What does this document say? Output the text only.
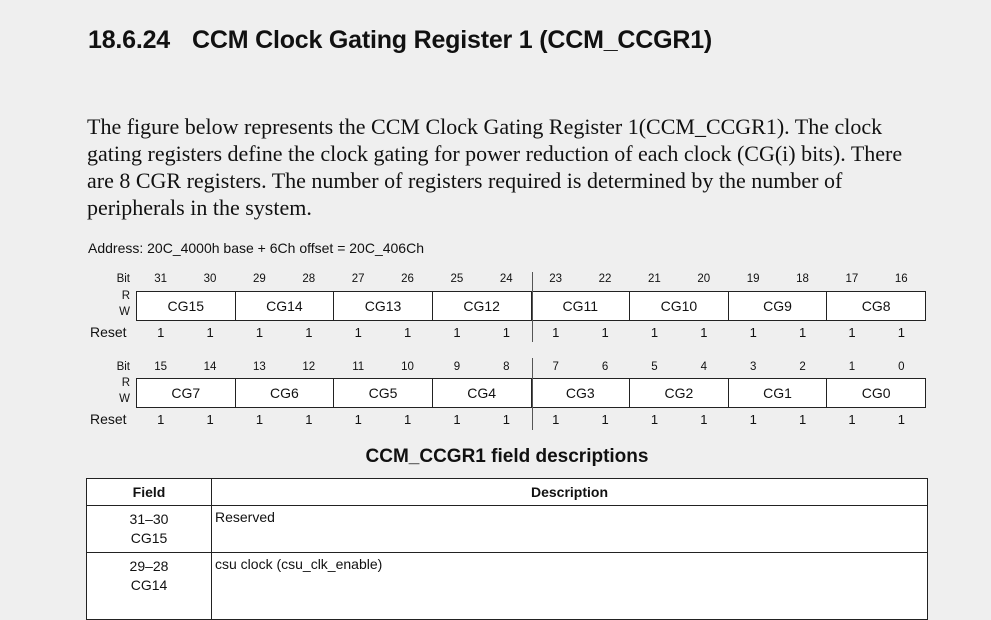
18.6.24 CCM Clock Gating Register 1 (CCM_CCGR1)
The figure below represents the CCM Clock Gating Register 1(CCM_CCGR1). The clock gating registers define the clock gating for power reduction of each clock (CG(i) bits). There are 8 CGR registers. The number of registers required is determined by the number of peripherals in the system.
Address: 20C_4000h base + 6Ch offset = 20C_406Ch
Bit	31	30	29	28	27	26	25	24	23	22	21	20	19	18	17	16
R
W	CG15	CG14	CG13	CG12	CG11	CG10	CG9	CG8
Reset	1	1	1	1	1	1	1	1	1	1	1	1	1	1	1	1
Bit	15	14	13	12	11	10	9	8	7	6	5	4	3	2	1	0
R
W	CG7	CG6	CG5	CG4	CG3	CG2	CG1	CG0
Reset	1	1	1	1	1	1	1	1	1	1	1	1	1	1	1	1
CCM_CCGR1 field descriptions
Field	Description

31–30
CG15	Reserved

29–28
CG14	csu clock (csu_clk_enable)
